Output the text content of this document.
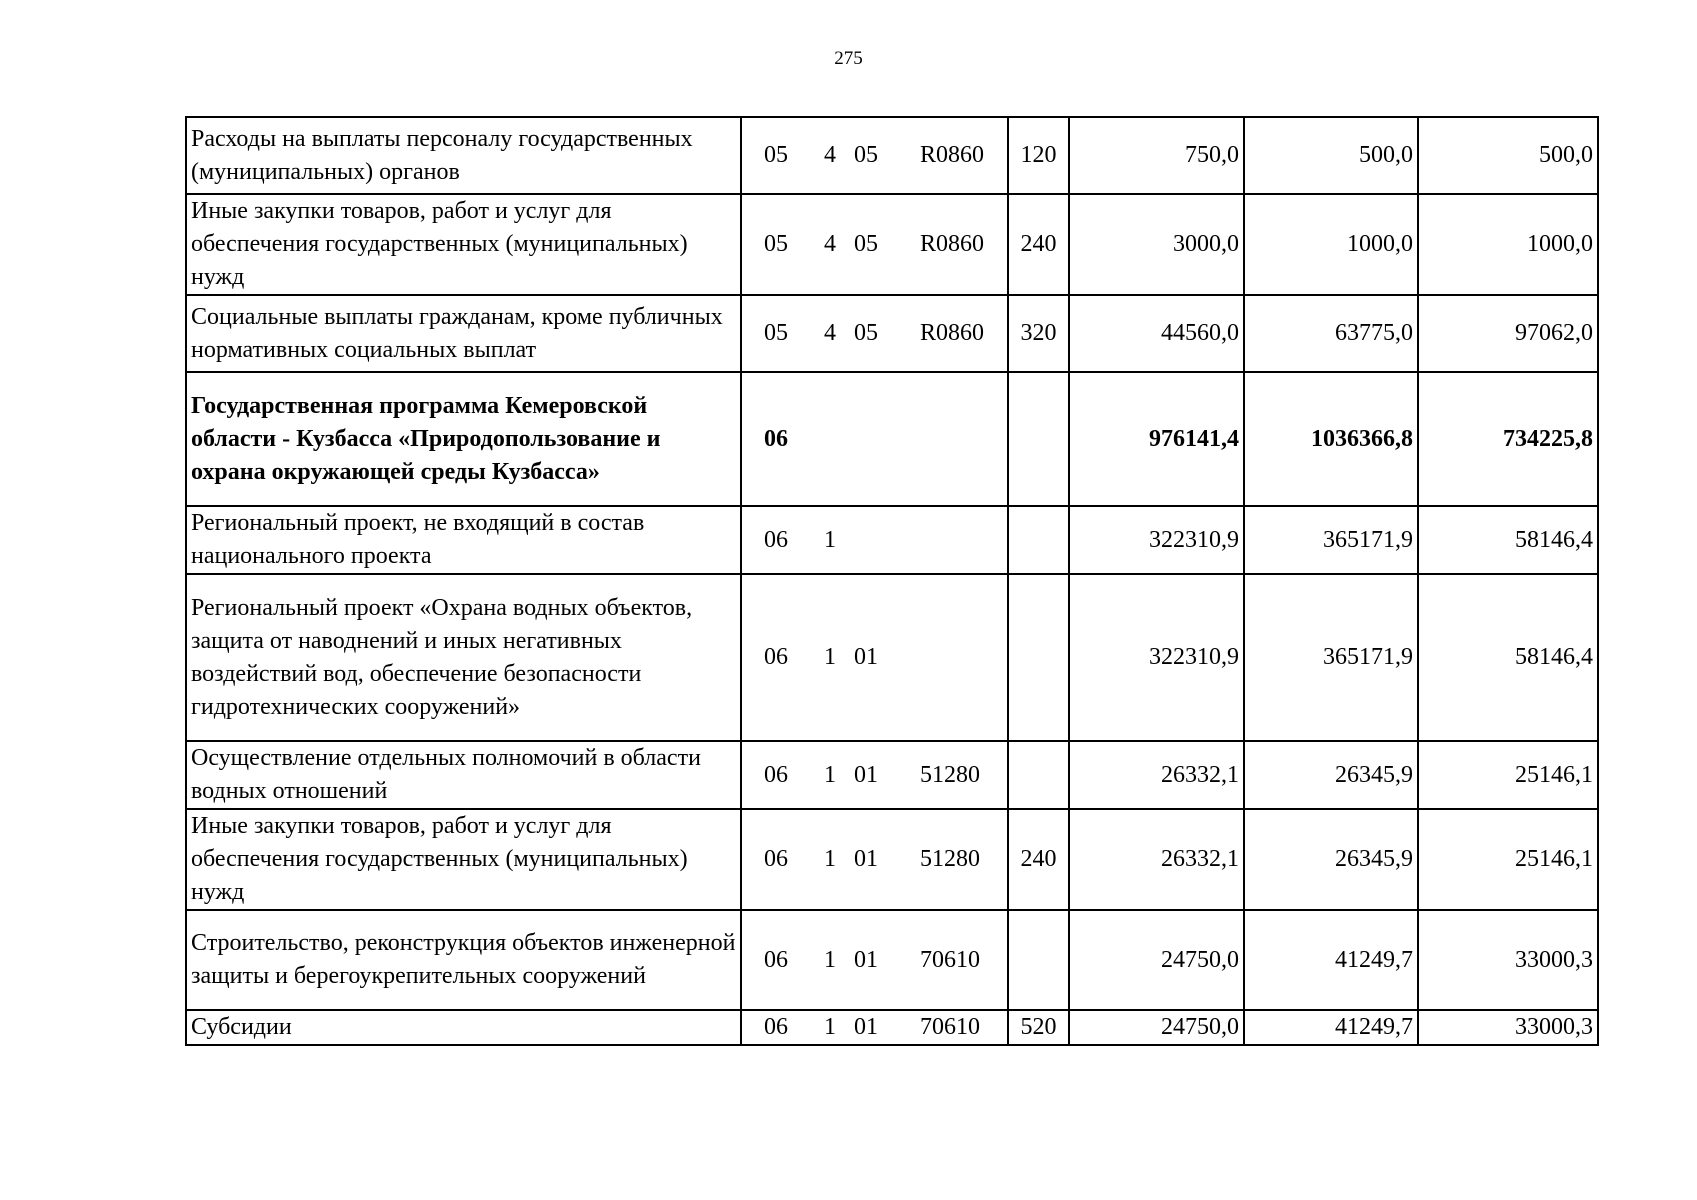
275
Расходы на выплаты персоналу государственных (муниципальных) органов	05 4 05 R0860	120	750,0	500,0	500,0
Иные закупки товаров, работ и услуг для обеспечения государственных (муниципальных) нужд	05 4 05 R0860	240	3000,0	1000,0	1000,0
Социальные выплаты гражданам, кроме публичных нормативных социальных выплат	05 4 05 R0860	320	44560,0	63775,0	97062,0
Государственная программа Кемеровской области - Кузбасса «Природопользование и охрана окружающей среды Кузбасса»	06		976141,4	1036366,8	734225,8
Региональный проект, не входящий в состав национального проекта	06 1		322310,9	365171,9	58146,4
Региональный проект «Охрана водных объектов, защита от наводнений и иных негативных воздействий вод, обеспечение безопасности гидротехнических сооружений»	06 1 01		322310,9	365171,9	58146,4
Осуществление отдельных полномочий в области водных отношений	06 1 01 51280		26332,1	26345,9	25146,1
Иные закупки товаров, работ и услуг для обеспечения государственных (муниципальных) нужд	06 1 01 51280	240	26332,1	26345,9	25146,1
Строительство, реконструкция объектов инженерной защиты и берегоукрепительных сооружений	06 1 01 70610		24750,0	41249,7	33000,3
Субсидии	06 1 01 70610	520	24750,0	41249,7	33000,3
